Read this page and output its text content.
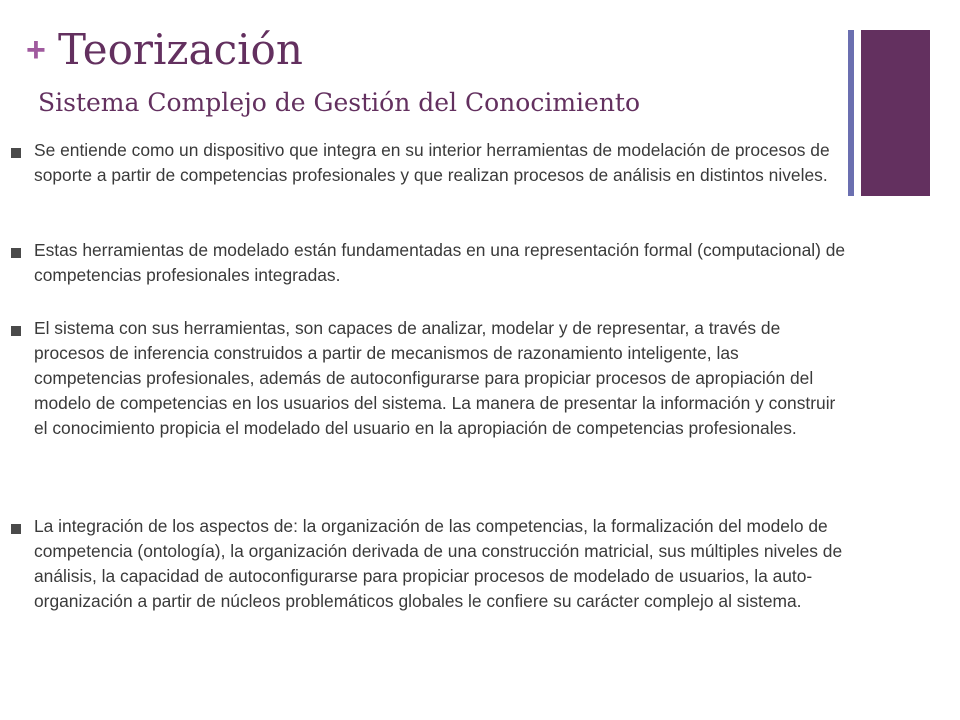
+ Teorización
Sistema Complejo de Gestión del Conocimiento
Se entiende como un dispositivo que integra en su interior herramientas de modelación de procesos de soporte a partir de competencias profesionales y que realizan procesos de análisis en distintos niveles.
Estas herramientas de modelado están fundamentadas en una representación formal (computacional) de competencias profesionales integradas.
El sistema con sus herramientas, son capaces de analizar, modelar y de representar, a través de procesos de inferencia construidos a partir de mecanismos de razonamiento inteligente, las competencias profesionales, además de autoconfigurarse para propiciar procesos de apropiación del modelo de competencias en los usuarios del sistema. La manera de presentar la información y construir el conocimiento propicia el modelado del usuario en la apropiación de competencias profesionales.
La integración de los aspectos de: la organización de las competencias, la formalización del modelo de competencia (ontología), la organización derivada de una construcción matricial, sus múltiples niveles de análisis, la capacidad de autoconfigurarse para propiciar procesos de modelado de usuarios, la auto-organización a partir de núcleos problemáticos globales le confiere su carácter complejo al sistema.
